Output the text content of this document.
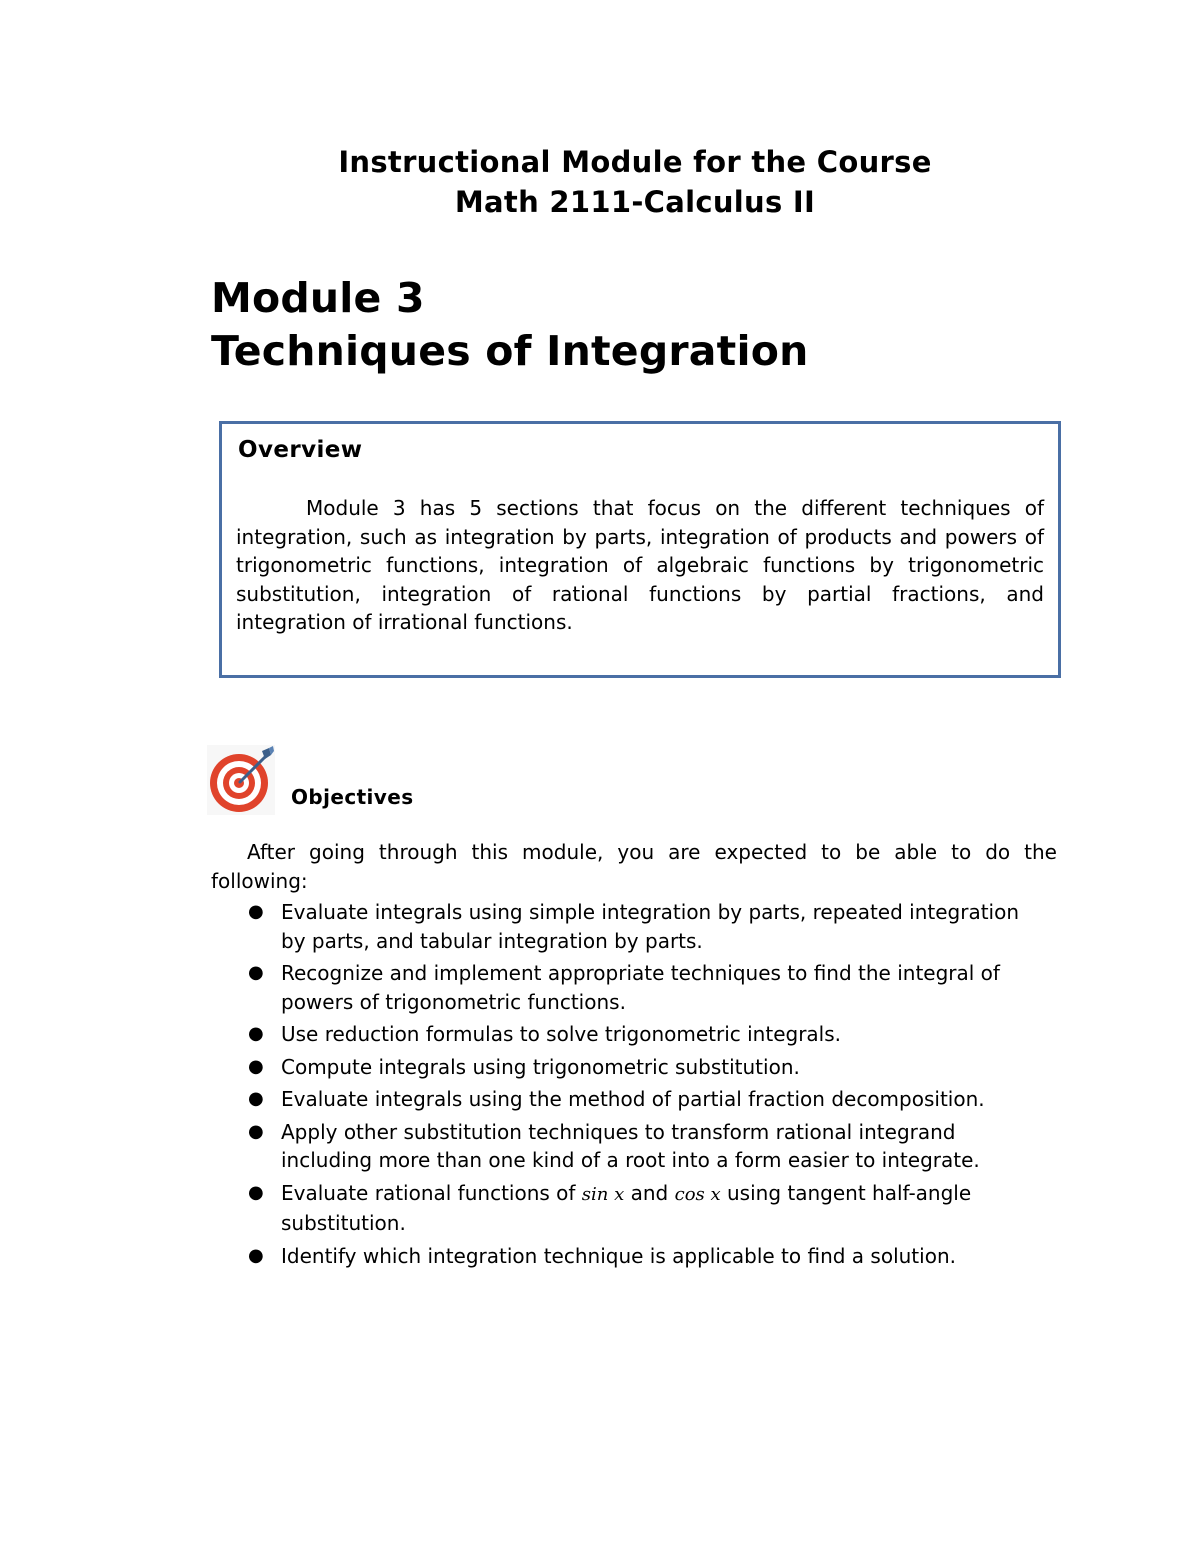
Instructional Module for the Course
Math 2111-Calculus II
Module 3
Techniques of Integration
Overview
Module 3 has 5 sections that focus on the different techniques of integration, such as integration by parts, integration of products and powers of trigonometric functions, integration of algebraic functions by trigonometric substitution, integration of rational functions by partial fractions, and integration of irrational functions.
Objectives
After going through this module, you are expected to be able to do the following:
● Evaluate integrals using simple integration by parts, repeated integration by parts, and tabular integration by parts.
● Recognize and implement appropriate techniques to find the integral of powers of trigonometric functions.
● Use reduction formulas to solve trigonometric integrals.
● Compute integrals using trigonometric substitution.
● Evaluate integrals using the method of partial fraction decomposition.
● Apply other substitution techniques to transform rational integrand including more than one kind of a root into a form easier to integrate.
● Evaluate rational functions of sin x and cos x using tangent half-angle substitution.
● Identify which integration technique is applicable to find a solution.
